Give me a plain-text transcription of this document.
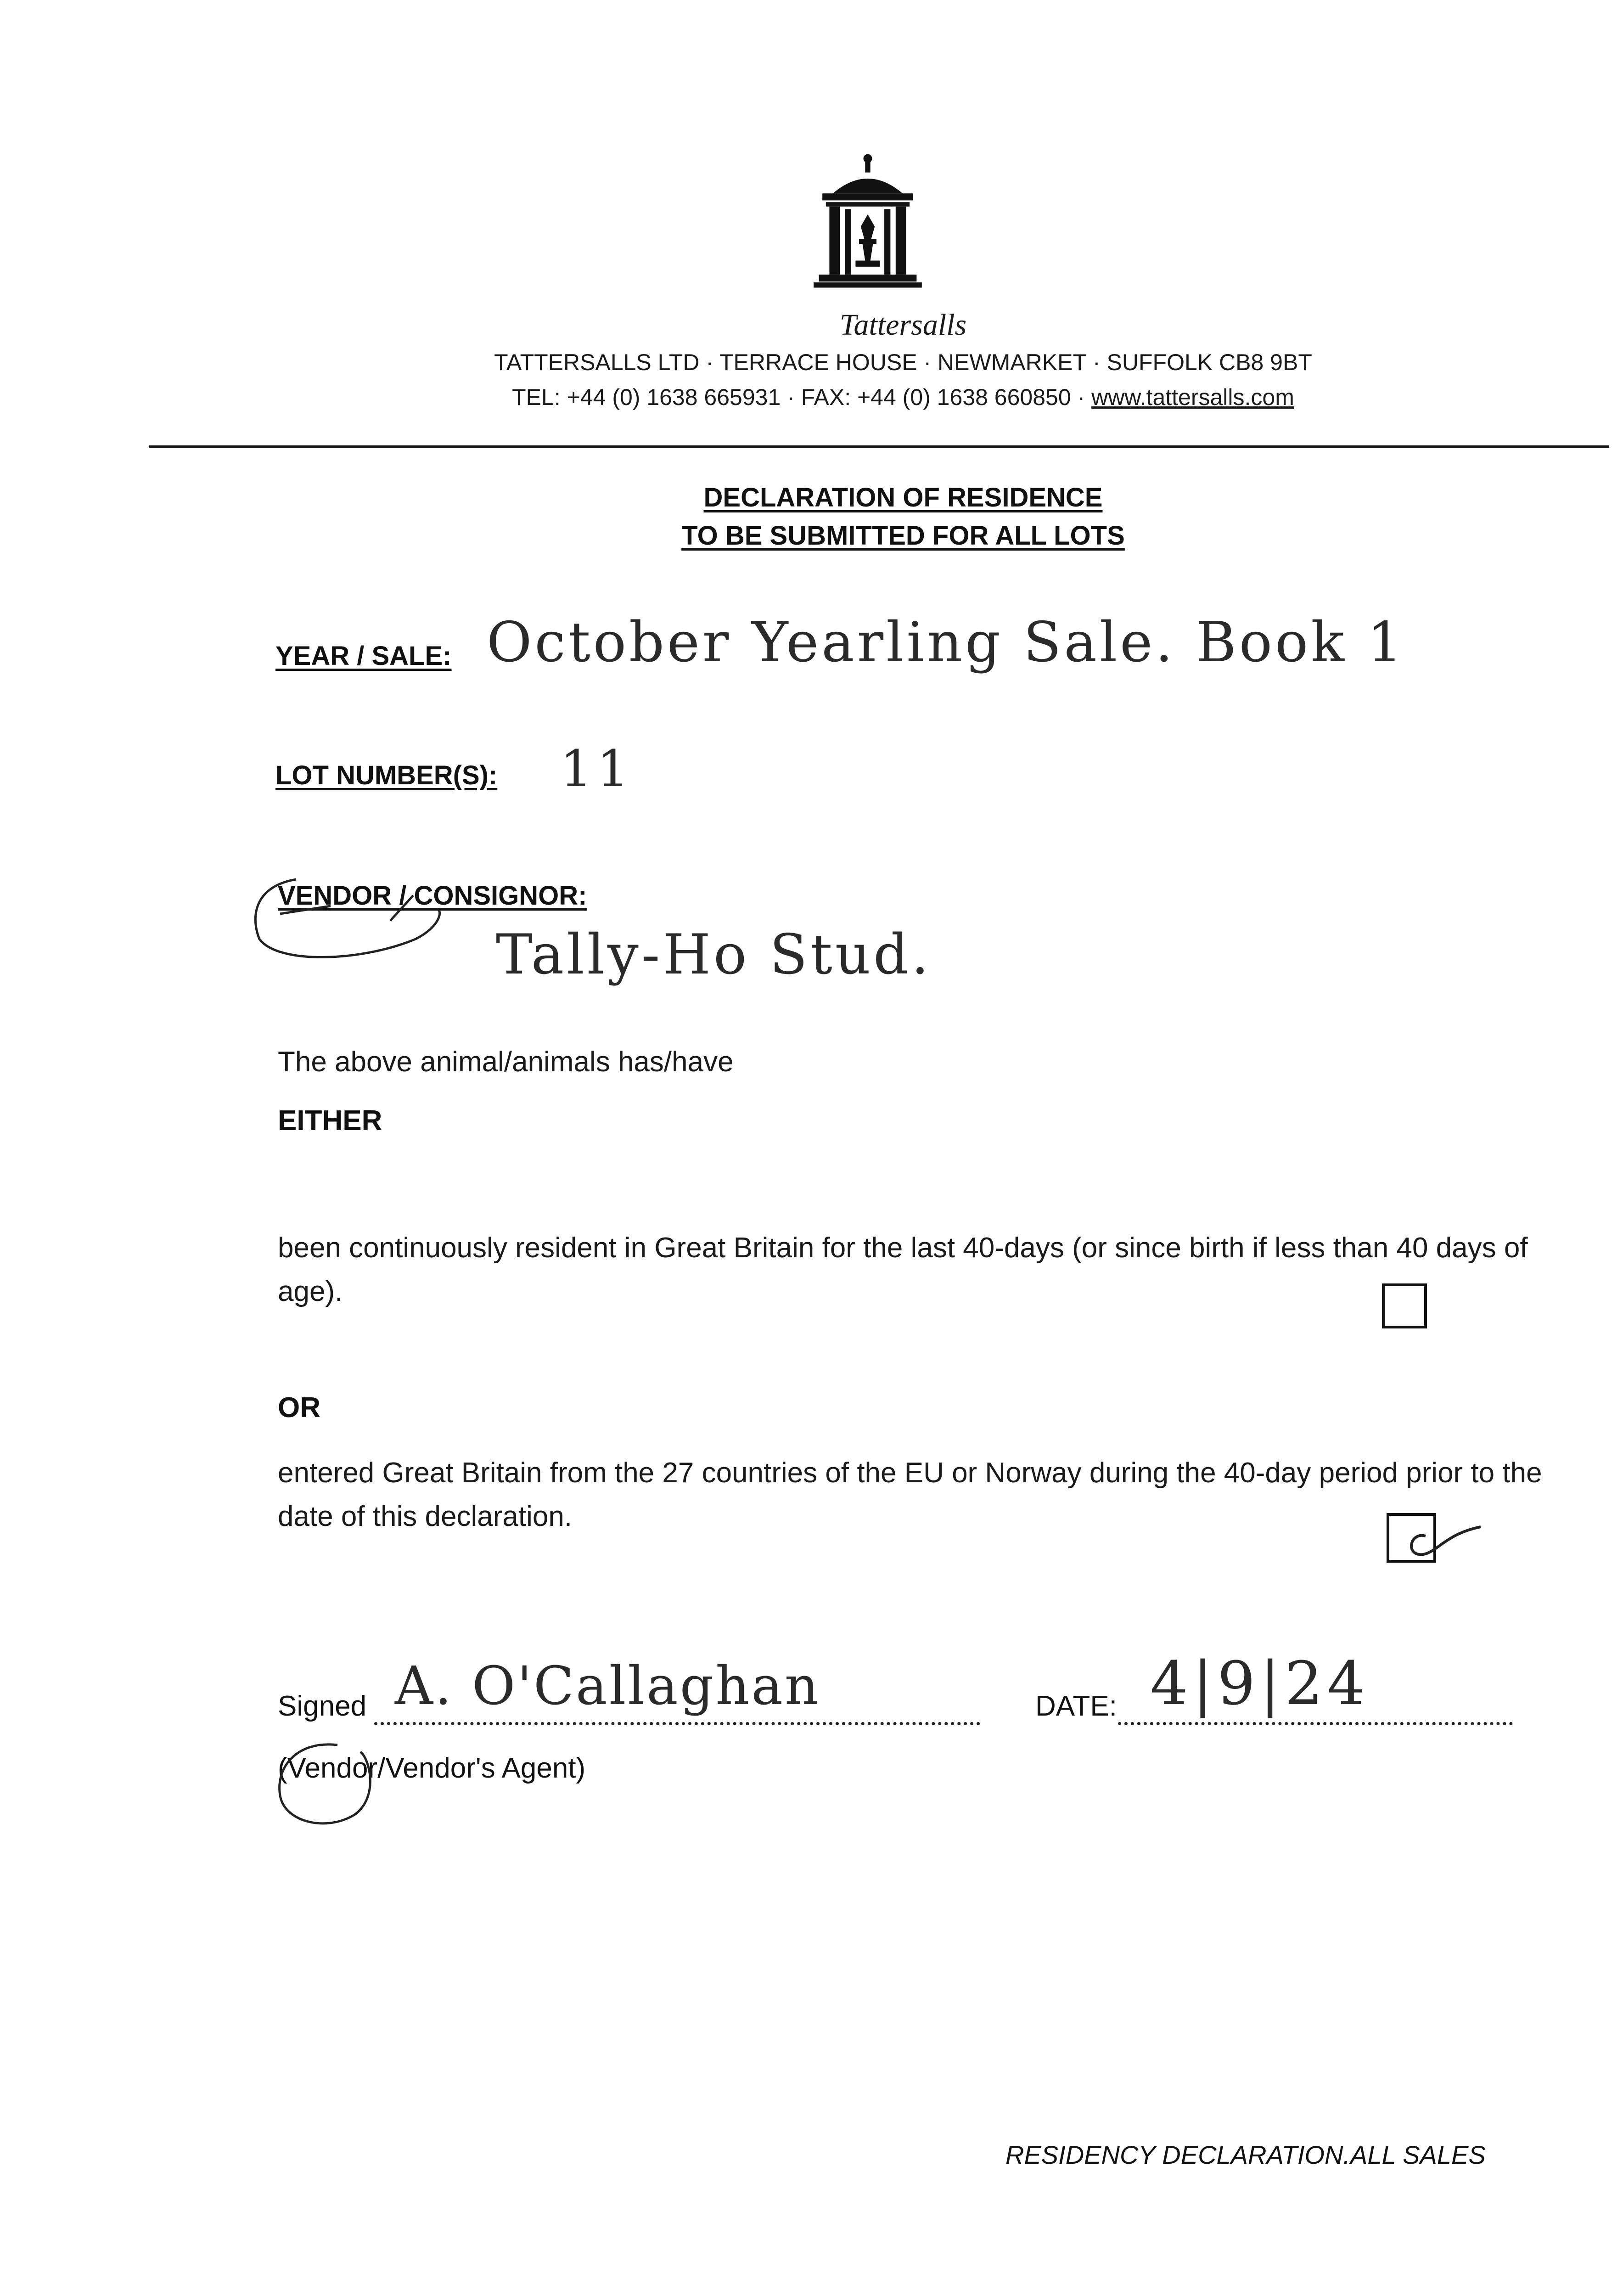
Tattersalls
TATTERSALLS LTD · TERRACE HOUSE · NEWMARKET · SUFFOLK CB8 9BT
TEL: +44 (0) 1638 665931 · FAX: +44 (0) 1638 660850 · www.tattersalls.com
DECLARATION OF RESIDENCE
TO BE SUBMITTED FOR ALL LOTS
YEAR / SALE: October Yearling Sale. Book 1
LOT NUMBER(S): 11
VENDOR / CONSIGNOR:
Tally-Ho Stud.
The above animal/animals has/have
EITHER
been continuously resident in Great Britain for the last 40-days (or since birth if less than 40 days of age).
OR
entered Great Britain from the 27 countries of the EU or Norway during the 40-day period prior to the date of this declaration.
Signed A. O'Callaghan
(Vendor/Vendor's Agent)
DATE: 4|9|24
RESIDENCY DECLARATION.ALL SALES
